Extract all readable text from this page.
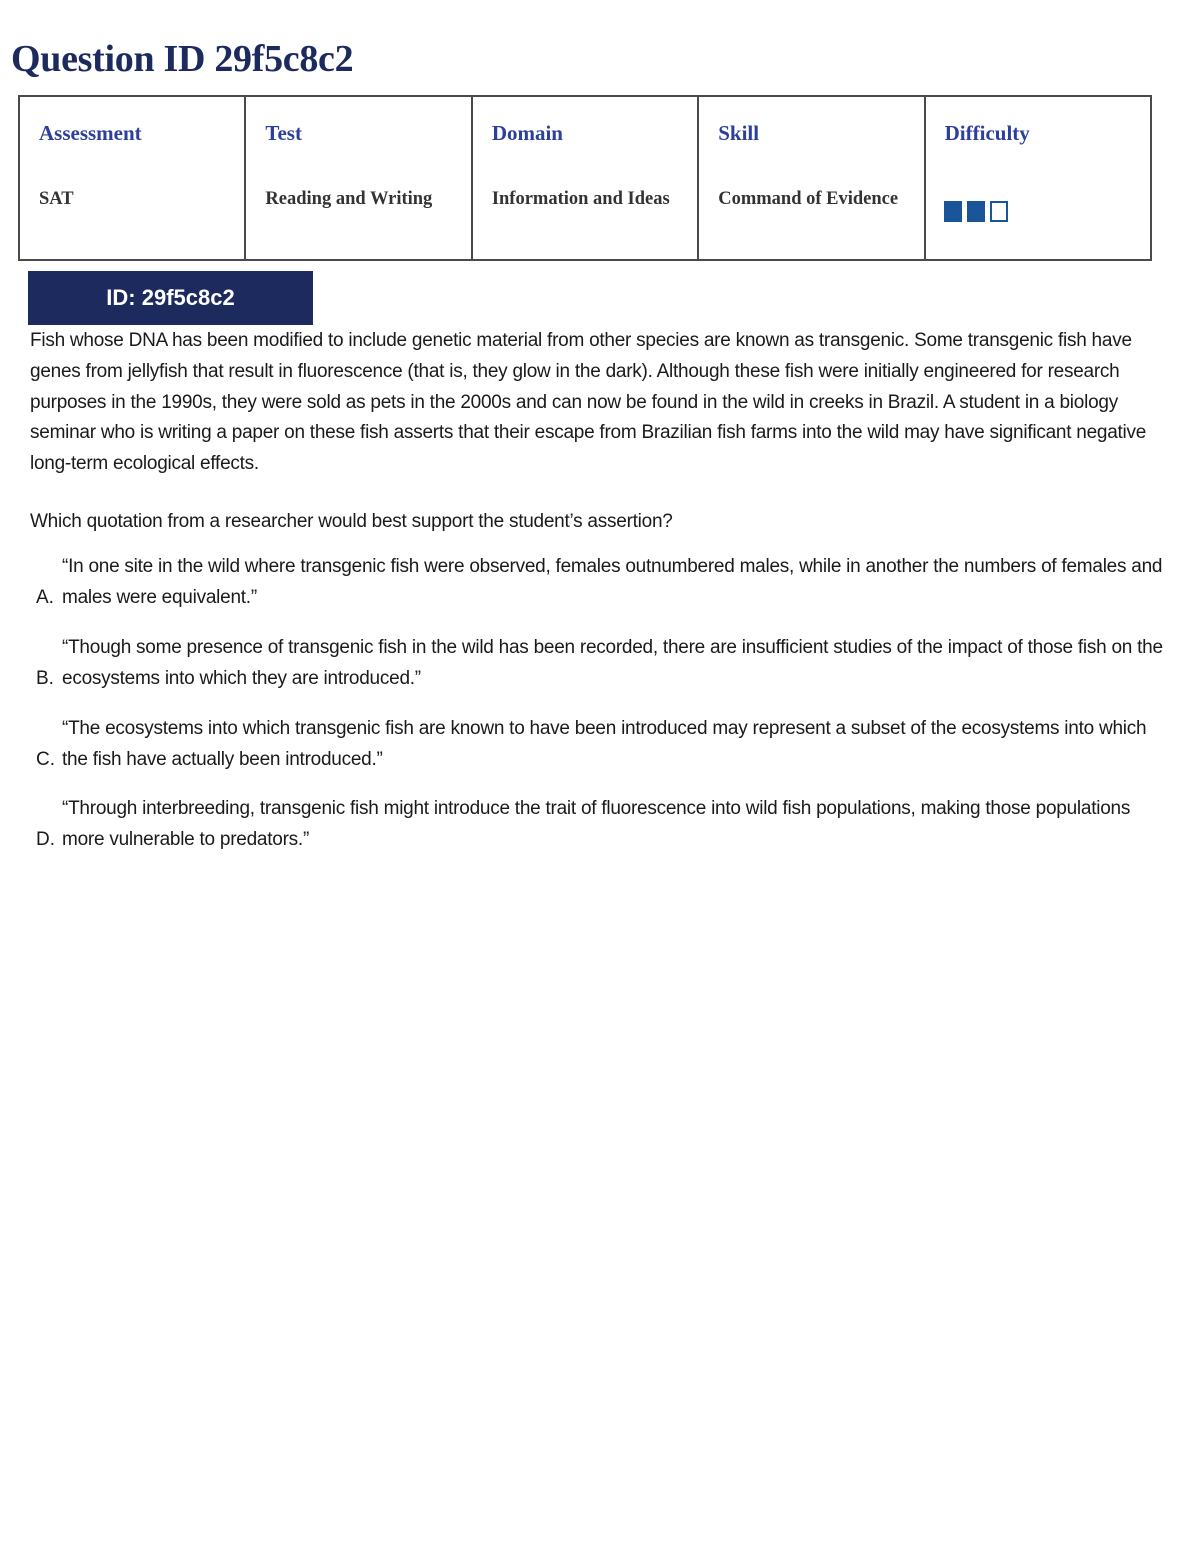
Question ID 29f5c8c2
Assessment
SAT
Test
Reading and Writing
Domain
Information and Ideas
Skill
Command of Evidence
Difficulty
ID: 29f5c8c2

Fish whose DNA has been modified to include genetic material from other species are known as transgenic. Some transgenic fish have genes from jellyfish that result in fluorescence (that is, they glow in the dark). Although these fish were initially engineered for research purposes in the 1990s, they were sold as pets in the 2000s and can now be found in the wild in creeks in Brazil. A student in a biology seminar who is writing a paper on these fish asserts that their escape from Brazilian fish farms into the wild may have significant negative long-term ecological effects.

Which quotation from a researcher would best support the student’s assertion?

A.
“In one site in the wild where transgenic fish were observed, females outnumbered males, while in another the numbers of females and males were equivalent.”
B.
“Though some presence of transgenic fish in the wild has been recorded, there are insufficient studies of the impact of those fish on the ecosystems into which they are introduced.”
C.
“The ecosystems into which transgenic fish are known to have been introduced may represent a subset of the ecosystems into which the fish have actually been introduced.”
D.
“Through interbreeding, transgenic fish might introduce the trait of fluorescence into wild fish populations, making those populations more vulnerable to predators.”
